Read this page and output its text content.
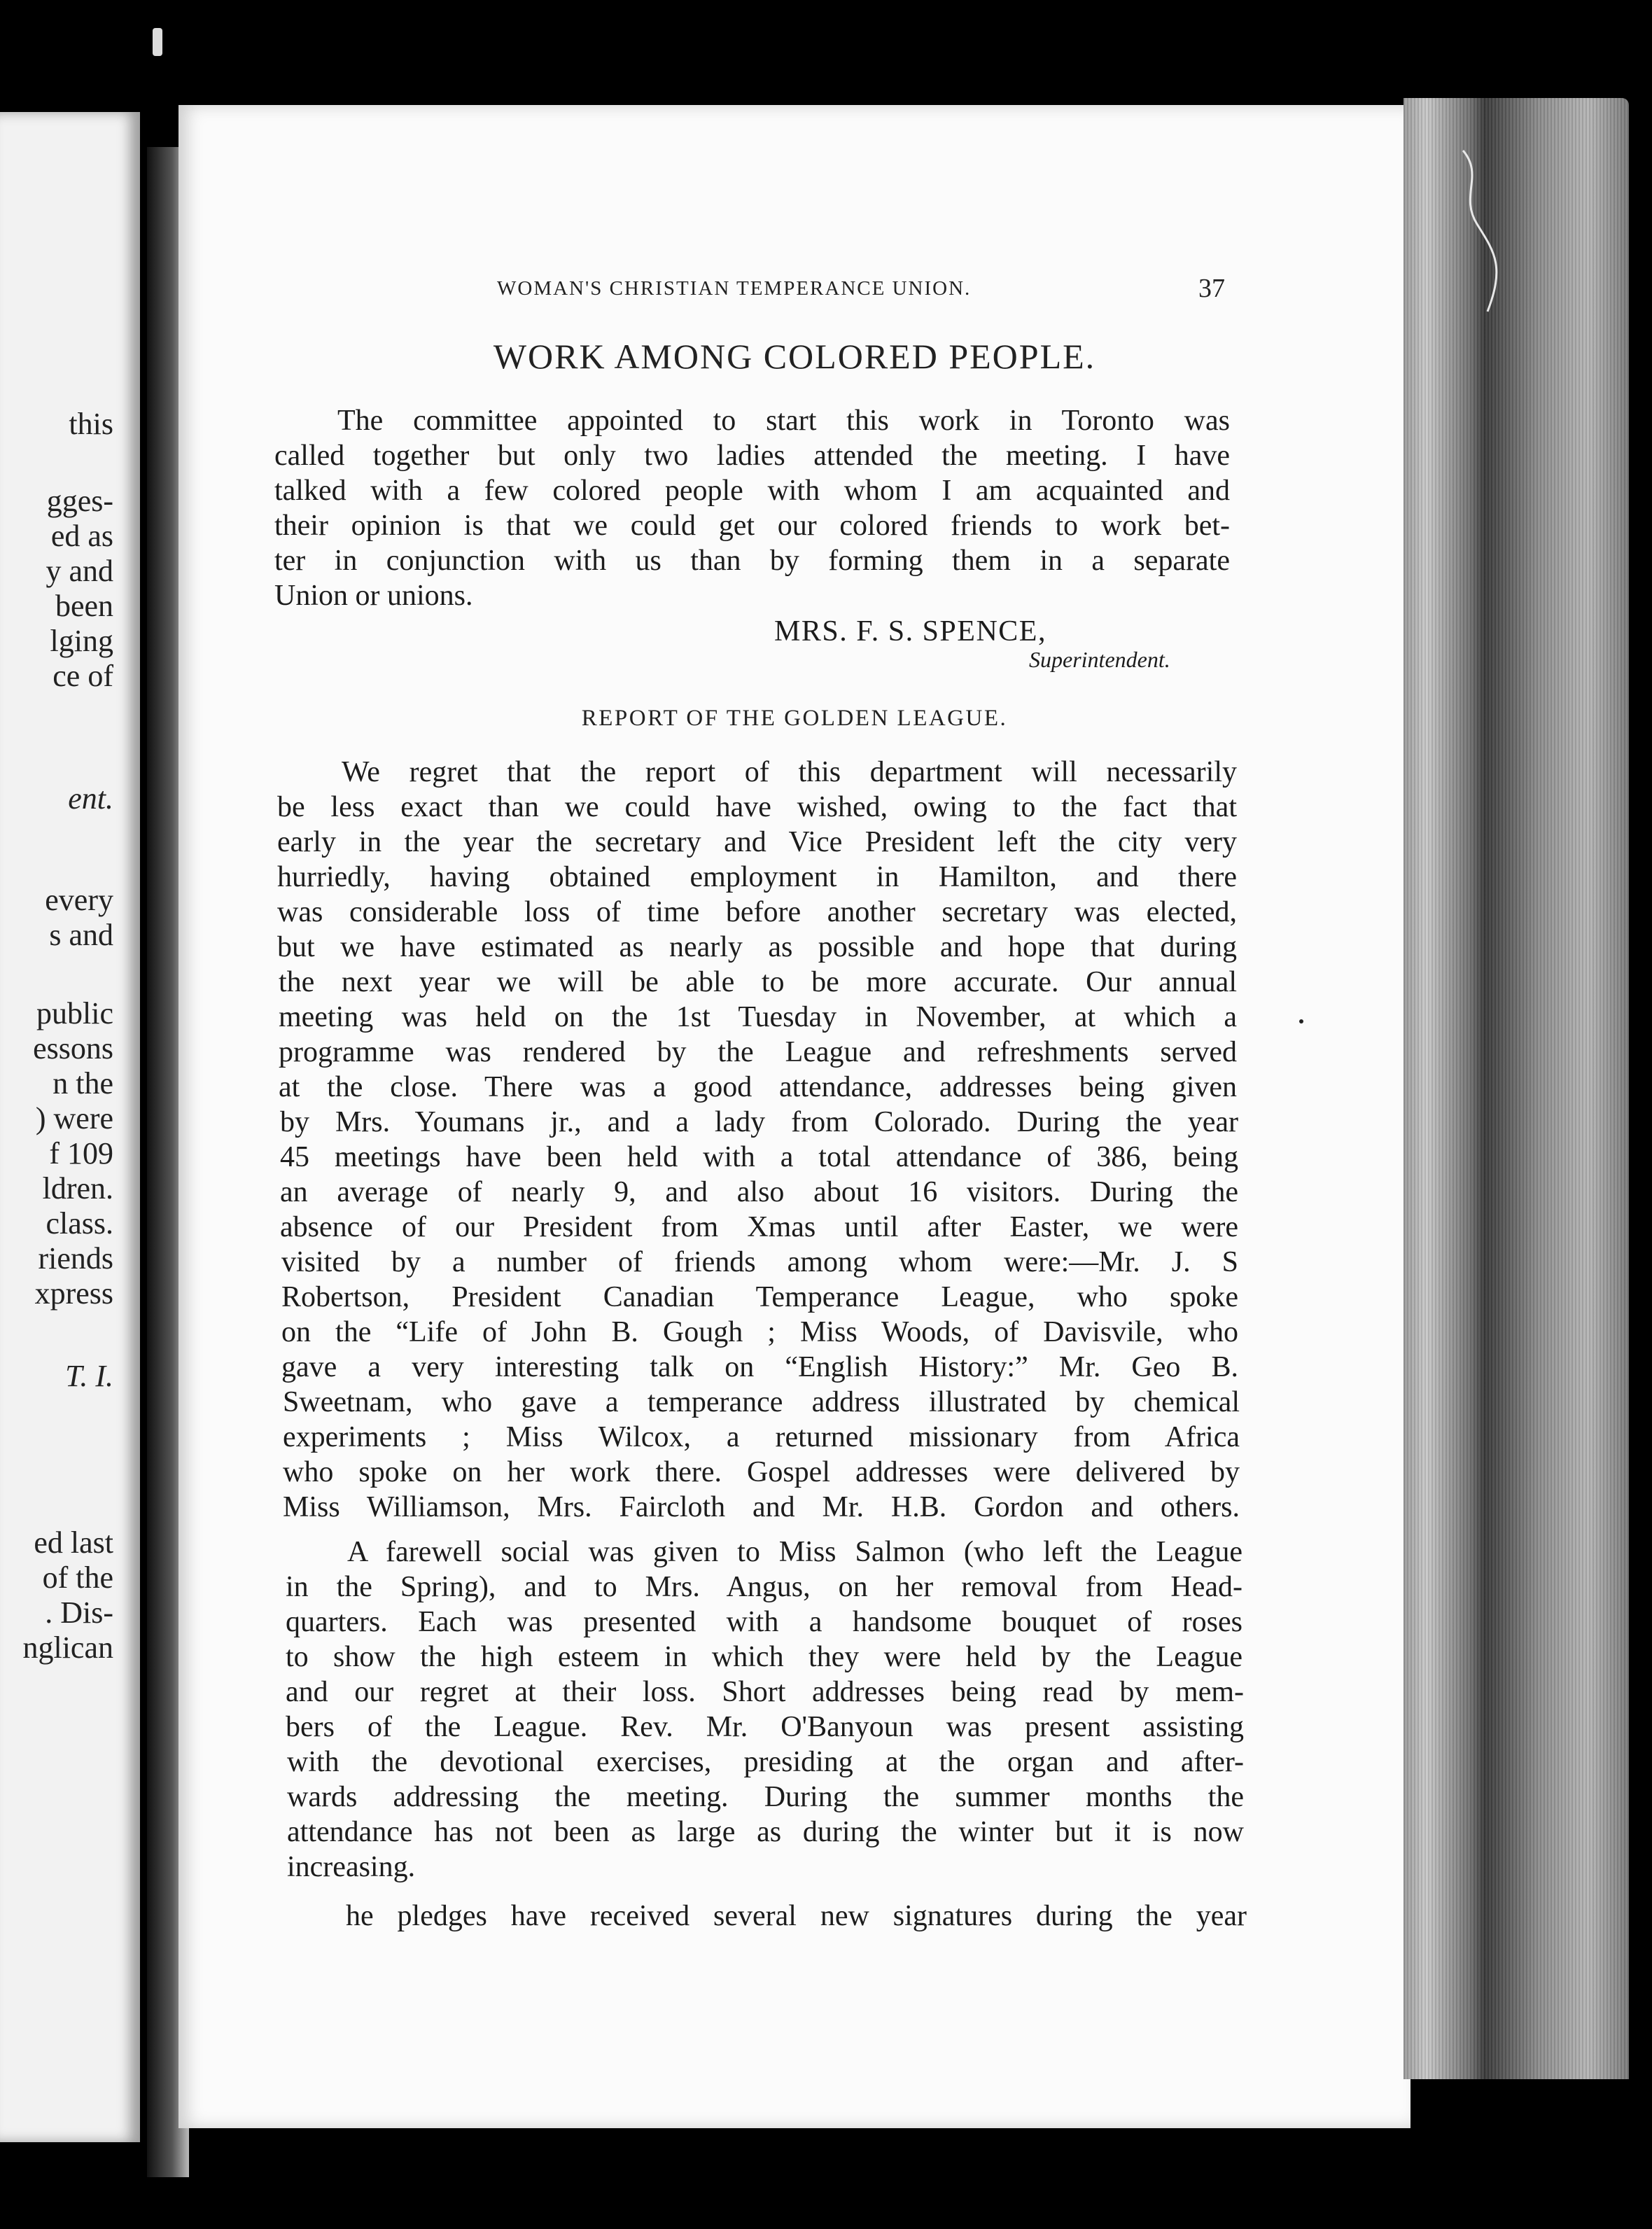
this

gges-

ed as

y and

been

lging

ce of

ent.

every

s and

public

essons

n the

) were

f 109

ldren.

class.

riends

xpress

T. I.

ed last

of the

. Dis-

nglican

WOMAN'S CHRISTIAN TEMPERANCE UNION.	37

WORK AMONG COLORED PEOPLE.

The committee appointed to start this work in Toronto was

called together but only two ladies attended the meeting. I have

talked with a few colored people with whom I am acquainted and

their opinion is that we could get our colored friends to work bet-

ter in conjunction with us than by forming them in a separate

Union or unions.

MRS. F. S. SPENCE,

Superintendent.

REPORT OF THE GOLDEN LEAGUE.

We regret that the report of this department will necessarily

be less exact than we could have wished, owing to the fact that

early in the year the secretary and Vice President left the city very

hurriedly, having obtained employment in Hamilton, and there

was considerable loss of time before another secretary was elected,

but we have estimated as nearly as possible and hope that during

the next year we will be able to be more accurate. Our annual

meeting was held on the 1st Tuesday in November, at which a

programme was rendered by the League and refreshments served

at the close. There was a good attendance, addresses being given

by Mrs. Youmans jr., and a lady from Colorado. During the year

45 meetings have been held with a total attendance of 386, being

an average of nearly 9, and also about 16 visitors. During the

absence of our President from Xmas until after Easter, we were

visited by a number of friends among whom were:—Mr. J. S

Robertson, President Canadian Temperance League, who spoke

on the “Life of John B. Gough ; Miss Woods, of Davisvile, who

gave a very interesting talk on “English History:” Mr. Geo B.

Sweetnam, who gave a temperance address illustrated by chemical

experiments ; Miss Wilcox, a returned missionary from Africa

who spoke on her work there. Gospel addresses were delivered by

Miss Williamson, Mrs. Faircloth and Mr. H.B. Gordon and others.

A farewell social was given to Miss Salmon (who left the League

in the Spring), and to Mrs. Angus, on her removal from Head-

quarters. Each was presented with a handsome bouquet of roses

to show the high esteem in which they were held by the League

and our regret at their loss. Short addresses being read by mem-

bers of the League. Rev. Mr. O'Banyoun was present assisting

with the devotional exercises, presiding at the organ and after-

wards addressing the meeting. During the summer months the

attendance has not been as large as during the winter but it is now

increasing.

he pledges have received several new signatures during the year
